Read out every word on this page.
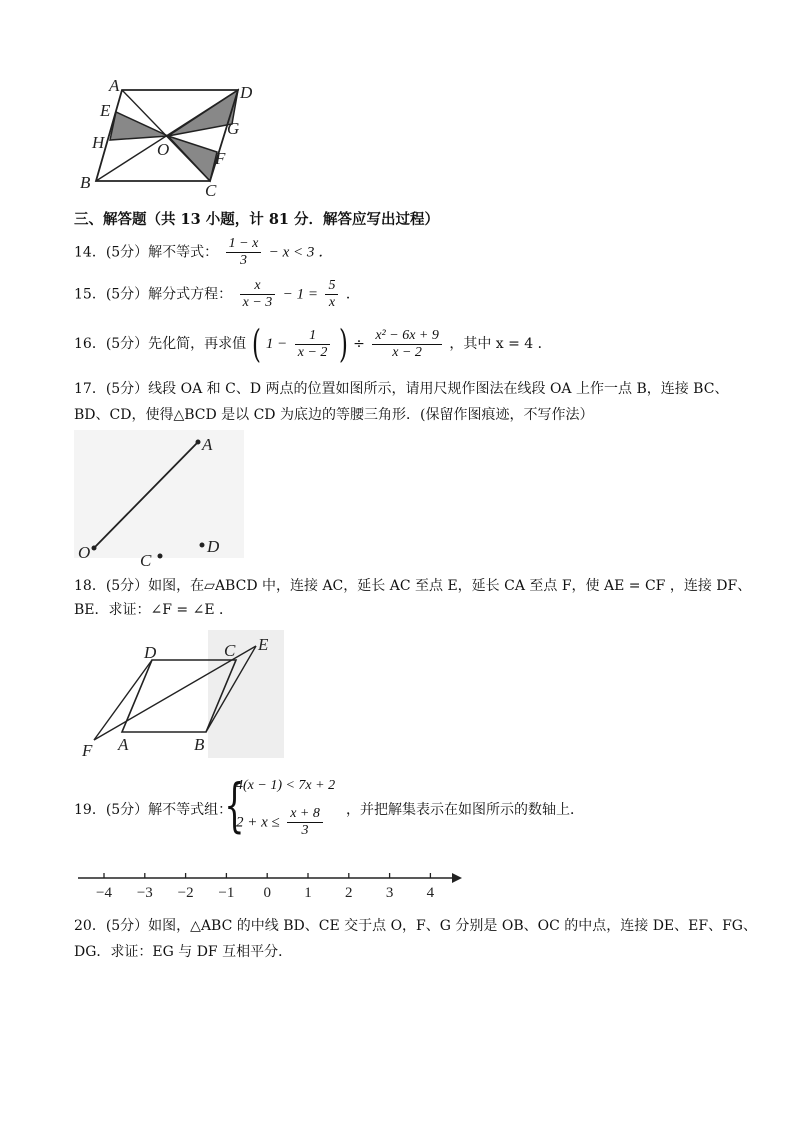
A	D
E
G
H	O	F
B	C
三、解答题（共 13 小题，计 81 分．解答应写出过程）
14．(5分）解不等式： $\frac{1 - x}{3} - x < 3$ ．
15．(5分）解分式方程： $\frac{x}{x - 3} - 1 = \frac{5}{x}$ ．
16．(5分）先化简，再求值 ( $1 - \frac{1}{x - 2}$ ) ÷ $\frac{\text{x² − 6x + 9}}{x - 2}$ ，其中 x = 4 ．
17．(5分）线段 OA 和 C、D 两点的位置如图所示，请用尺规作图法在线段 OA 上作一点 B，连接 BC、
BD、CD，使得△BCD 是以 CD 为底边的等腰三角形．(保留作图痕迹，不写作法）
A
O	C
D
18．(5分）如图，在▱ABCD 中，连接 AC，延长 AC 至点 E，延长 CA 至点 F，使 AE = CF ，连接 DF、
BE．求证：∠F = ∠E ．
D	C E
F A	B
19．(5分）解不等式组：
{
4(x − 1) < 7x + 2
$2 + x \le \frac{x + 8}{3}$ ，并把解集表示在如图所示的数轴上．
−4 −3 −2 −1 0 1 2 3 4
20．(5分）如图，△ABC 的中线 BD、CE 交于点 O，F、G 分别是 OB、OC 的中点，连接 DE、EF、FG、
DG．求证：EG 与 DF 互相平分．
